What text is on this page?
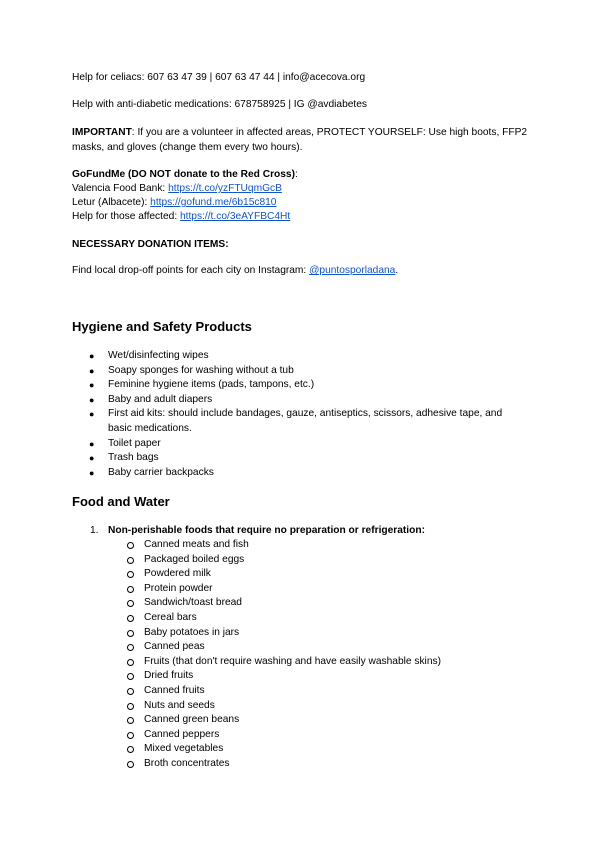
Help for celiacs: 607 63 47 39 | 607 63 47 44 | info@acecova.org

Help with anti-diabetic medications: 678758925 | IG @avdiabetes

IMPORTANT: If you are a volunteer in affected areas, PROTECT YOURSELF: Use high boots, FFP2 masks, and gloves (change them every two hours).

GoFundMe (DO NOT donate to the Red Cross):

Valencia Food Bank: https://t.co/yzFTUqmGcB

Letur (Albacete): https://gofund.me/6b15c810

Help for those affected: https://t.co/3eAYFBC4Ht

NECESSARY DONATION ITEMS:

Find local drop-off points for each city on Instagram: @puntosporladana.

Hygiene and Safety Products
● Wet/disinfecting wipes
● Soapy sponges for washing without a tub
● Feminine hygiene items (pads, tampons, etc.)
● Baby and adult diapers
● First aid kits: should include bandages, gauze, antiseptics, scissors, adhesive tape, and basic medications.
● Toilet paper
● Trash bags
● Baby carrier backpacks
Food and Water
1. Non-perishable foods that require no preparation or refrigeration:
Canned meats and fish
Packaged boiled eggs
Powdered milk
Protein powder
Sandwich/toast bread
Cereal bars
Baby potatoes in jars
Canned peas
Fruits (that don't require washing and have easily washable skins)
Dried fruits
Canned fruits
Nuts and seeds
Canned green beans
Canned peppers
Mixed vegetables
Broth concentrates
